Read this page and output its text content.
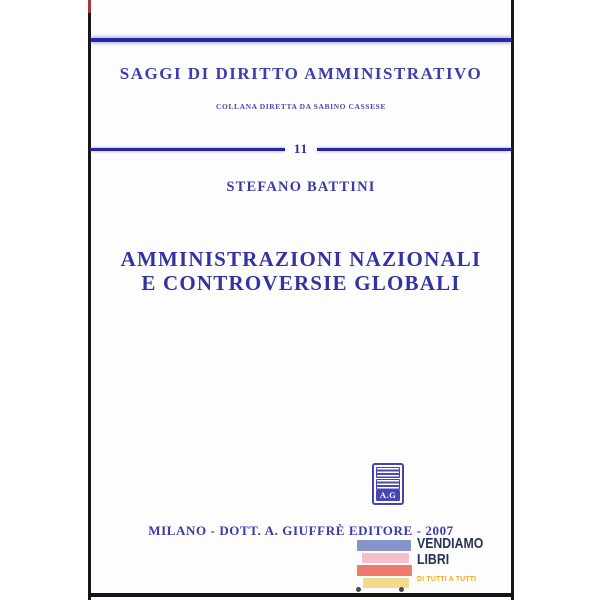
SAGGI DI DIRITTO AMMINISTRATIVO
COLLANA DIRETTA DA SABINO CASSESE
11
STEFANO BATTINI
AMMINISTRAZIONI NAZIONALI
E CONTROVERSIE GLOBALI
A.G
MILANO - DOTT. A. GIUFFRÈ EDITORE - 2007
VENDIAMO
LIBRI
DI TUTTI A TUTTI
